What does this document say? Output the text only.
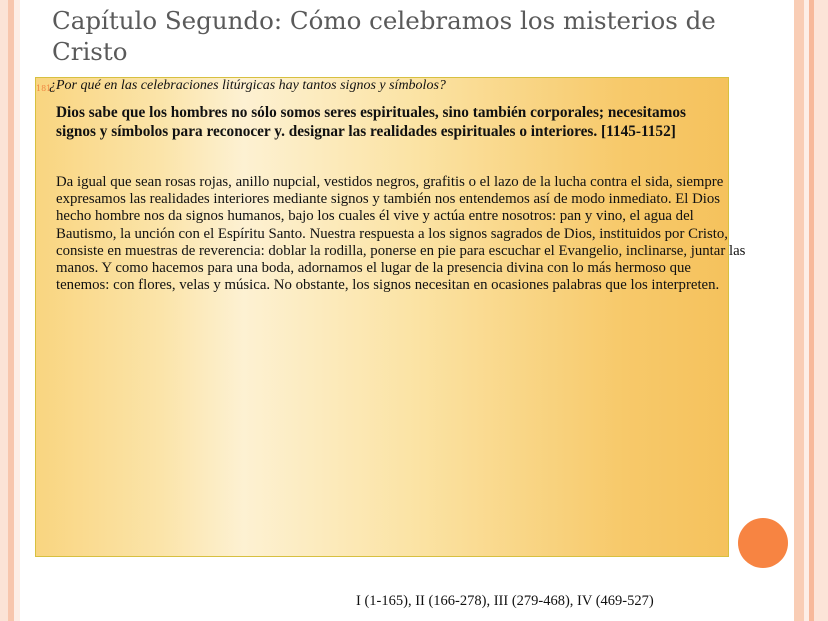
Capítulo Segundo: Cómo celebramos los misterios de Cristo
181.

¿Por qué en las celebraciones litúrgicas hay tantos signos y símbolos?

Dios sabe que los hombres no sólo somos seres espirituales, sino también corporales; necesitamos signos y símbolos para reconocer y. designar las realidades espirituales o interiores. [1145-1152]

Da igual que sean rosas rojas, anillo nupcial, vestidos negros, grafitis o el lazo de la lucha contra el sida, siempre expresamos las realidades interiores mediante signos y también nos entendemos así de modo inmediato. El Dios hecho hombre nos da signos humanos, bajo los cuales él vive y actúa entre nosotros: pan y vino, el agua del Bautismo, la unción con el Espíritu Santo. Nuestra respuesta a los signos sagrados de Dios, instituidos por Cristo, consiste en muestras de reverencia: doblar la rodilla, ponerse en pie para escuchar el Evangelio, inclinarse, juntar las manos. Y como hacemos para una boda, adornamos el lugar de la presencia divina con lo más hermoso que tenemos: con flores, velas y música. No obstante, los signos necesitan en ocasiones palabras que los interpreten.

I (1-165), II (166-278), III (279-468), IV (469-527)
